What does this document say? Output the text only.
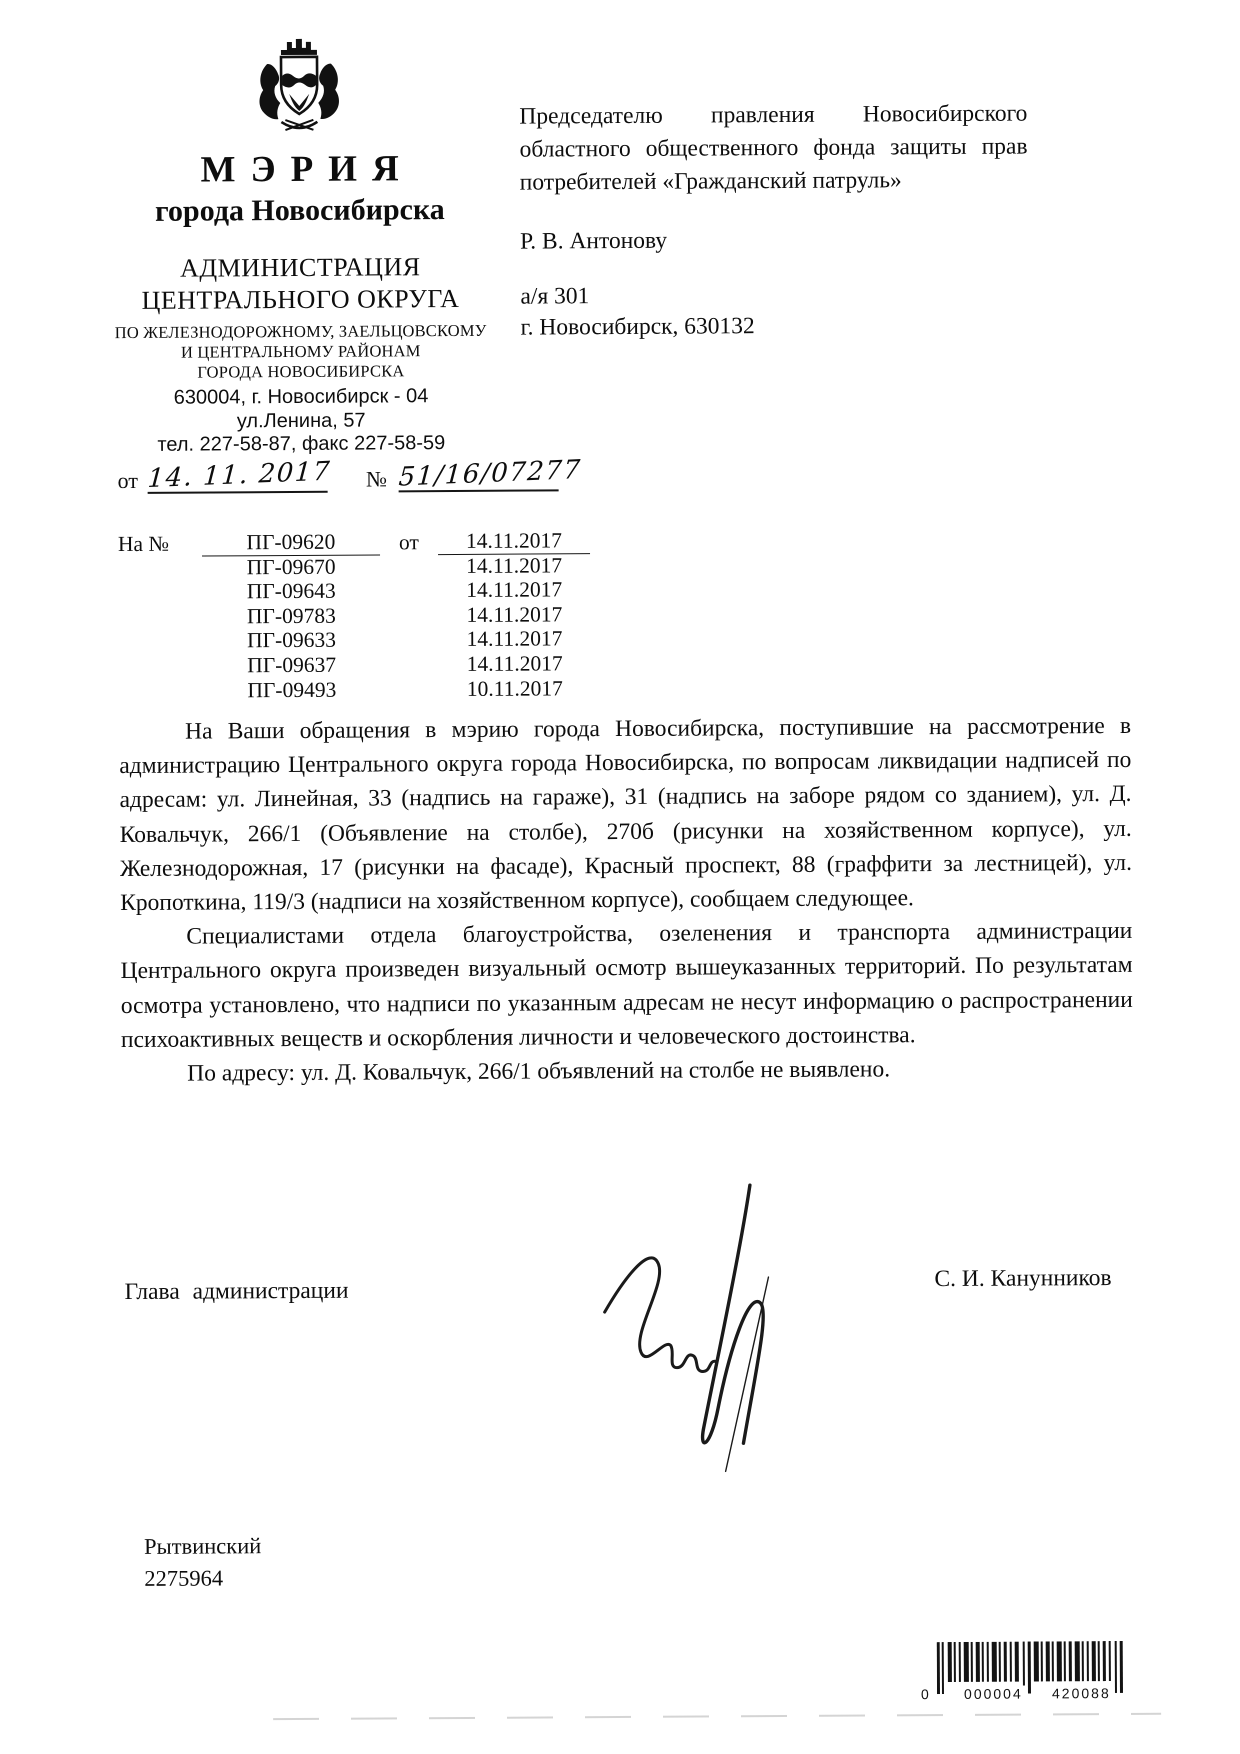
МЭРИЯ
города Новосибирска
АДМИНИСТРАЦИЯ
ЦЕНТРАЛЬНОГО ОКРУГА
ПО ЖЕЛЕЗНОДОРОЖНОМУ, ЗАЕЛЬЦОВСКОМУ
И ЦЕНТРАЛЬНОМУ РАЙОНАМ
ГОРОДА НОВОСИБИРСКА
630004, г. Новосибирск - 04
ул.Ленина, 57
тел. 227-58-87, факс 227-58-59

Председателю правления Новосибирского областного общественного фонда защиты прав потребителей «Гражданский патруль»

Р. В. Антонову
а/я 301
г. Новосибирск, 630132
от 14. 11. 2017 № 51/16/07277
На №	ПГ-09620	от	14.11.2017
ПГ-09670	14.11.2017
ПГ-09643	14.11.2017
ПГ-09783	14.11.2017
ПГ-09633	14.11.2017
ПГ-09637	14.11.2017
ПГ-09493	10.11.2017

На Ваши обращения в мэрию города Новосибирска, поступившие на рассмотрение в администрацию Центрального округа города Новосибирска, по вопросам ликвидации надписей по адресам: ул. Линейная, 33 (надпись на гараже), 31 (надпись на заборе рядом со зданием), ул. Д. Ковальчук, 266/1 (Объявление на столбе), 270б (рисунки на хозяйственном корпусе), ул. Железнодорожная, 17 (рисунки на фасаде), Красный проспект, 88 (граффити за лестницей), ул. Кропоткина, 119/3 (надписи на хозяйственном корпусе), сообщаем следующее.

Специалистами отдела благоустройства, озеленения и транспорта администрации Центрального округа произведен визуальный осмотр вышеуказанных территорий. По результатам осмотра установлено, что надписи по указанным адресам не несут информацию о распространении психоактивных веществ и оскорбления личности и человеческого достоинства.

По адресу: ул. Д. Ковальчук, 266/1 объявлений на столбе не выявлено.

Глава администрации	С. И. Канунников
Рытвинский
2275964
0 000004 420088
